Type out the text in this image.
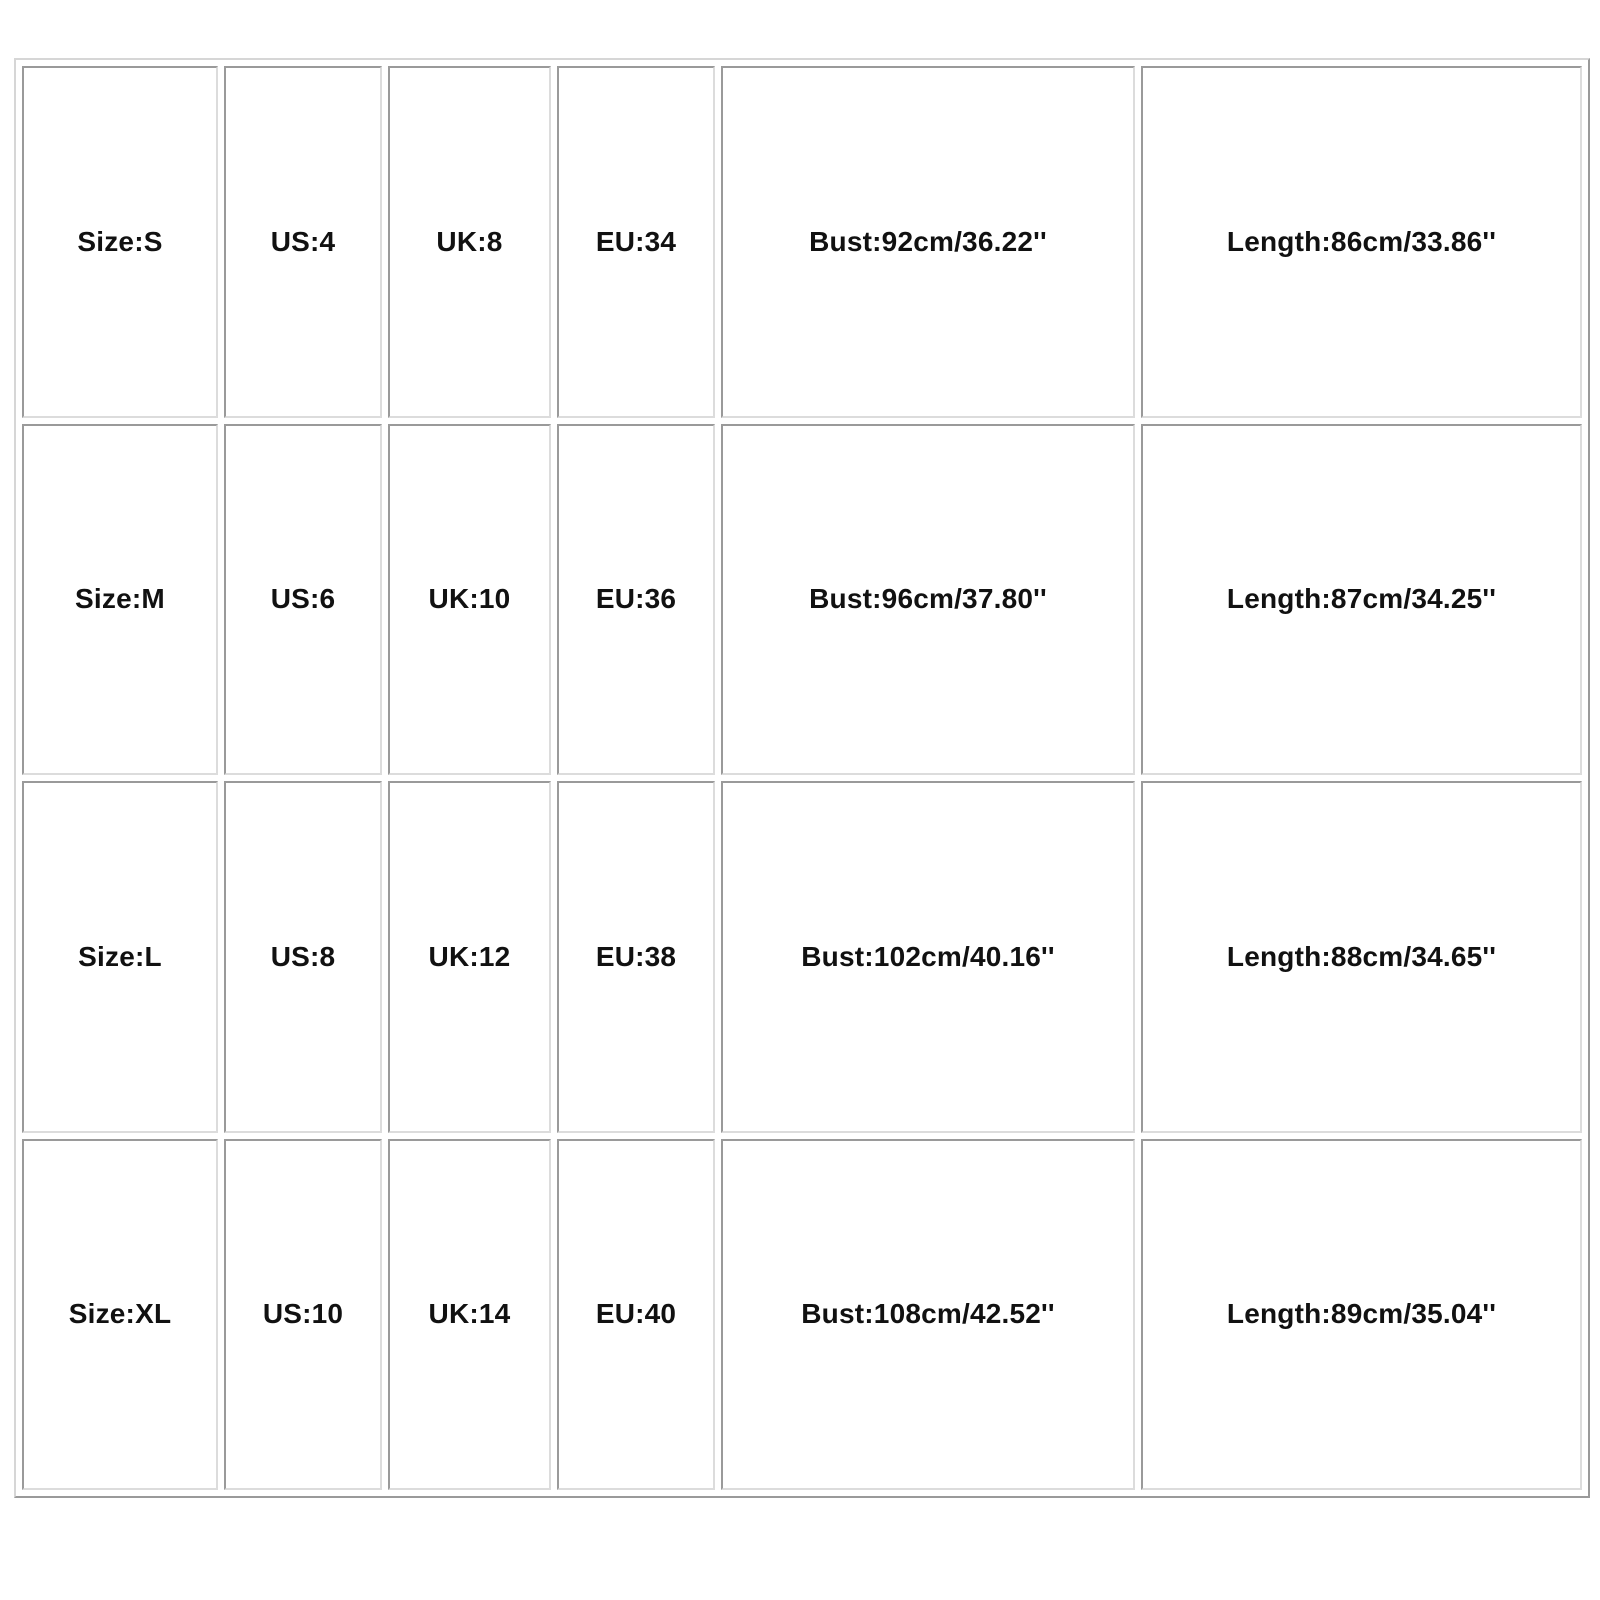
Size:S	US:4	UK:8	EU:34	Bust:92cm/36.22''	Length:86cm/33.86''
Size:M	US:6	UK:10	EU:36	Bust:96cm/37.80''	Length:87cm/34.25''
Size:L	US:8	UK:12	EU:38	Bust:102cm/40.16''	Length:88cm/34.65''
Size:XL	US:10	UK:14	EU:40	Bust:108cm/42.52''	Length:89cm/35.04''
